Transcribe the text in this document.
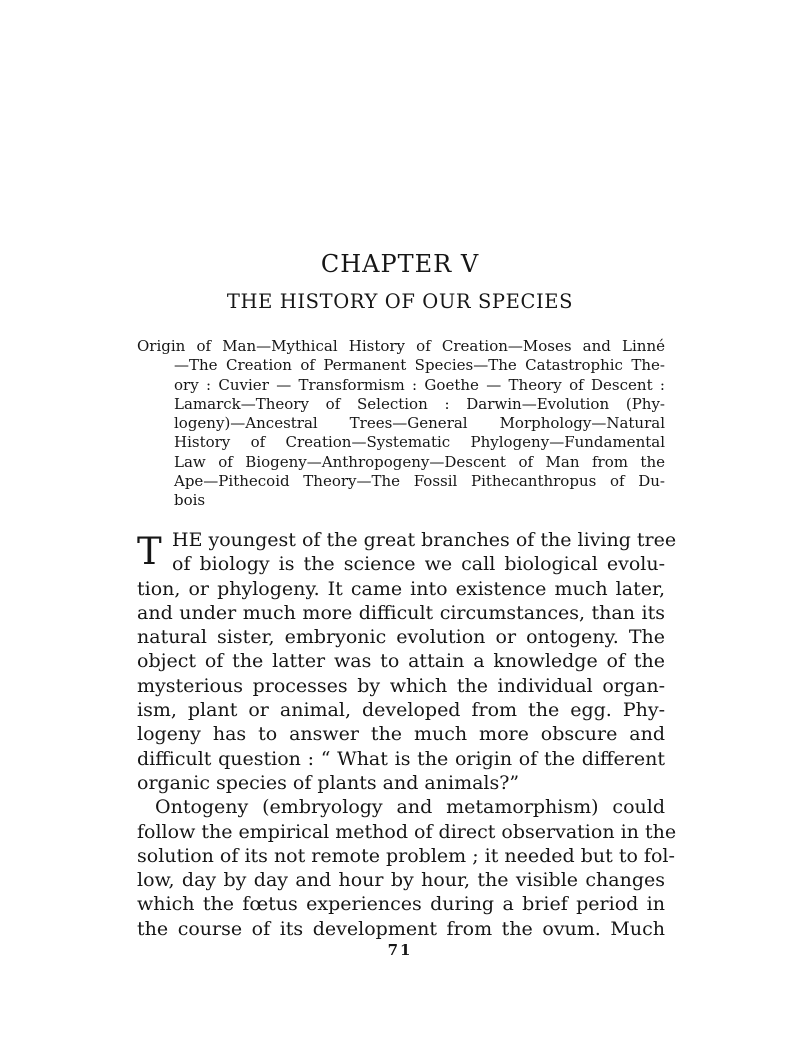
CHAPTER V
THE HISTORY OF OUR SPECIES
Origin of Man—Mythical History of Creation—Moses and Linné
—The Creation of Permanent Species—The Catastrophic The-
ory : Cuvier — Transformism : Goethe — Theory of Descent :
Lamarck—Theory of Selection : Darwin—Evolution (Phy-
logeny)—Ancestral Trees—General Morphology—Natural
History of Creation—Systematic Phylogeny—Fundamental
Law of Biogeny—Anthropogeny—Descent of Man from the
Ape—Pithecoid Theory—The Fossil Pithecanthropus of Du-
bois
T HE youngest of the great branches of the living tree
of biology is the science we call biological evolu-
tion, or phylogeny. It came into existence much later,
and under much more difficult circumstances, than its
natural sister, embryonic evolution or ontogeny. The
object of the latter was to attain a knowledge of the
mysterious processes by which the individual organ-
ism, plant or animal, developed from the egg. Phy-
logeny has to answer the much more obscure and
difficult question : “ What is the origin of the different
organic species of plants and animals?”
Ontogeny (embryology and metamorphism) could
follow the empirical method of direct observation in the
solution of its not remote problem ; it needed but to fol-
low, day by day and hour by hour, the visible changes
which the fœtus experiences during a brief period in
the course of its development from the ovum. Much
71
